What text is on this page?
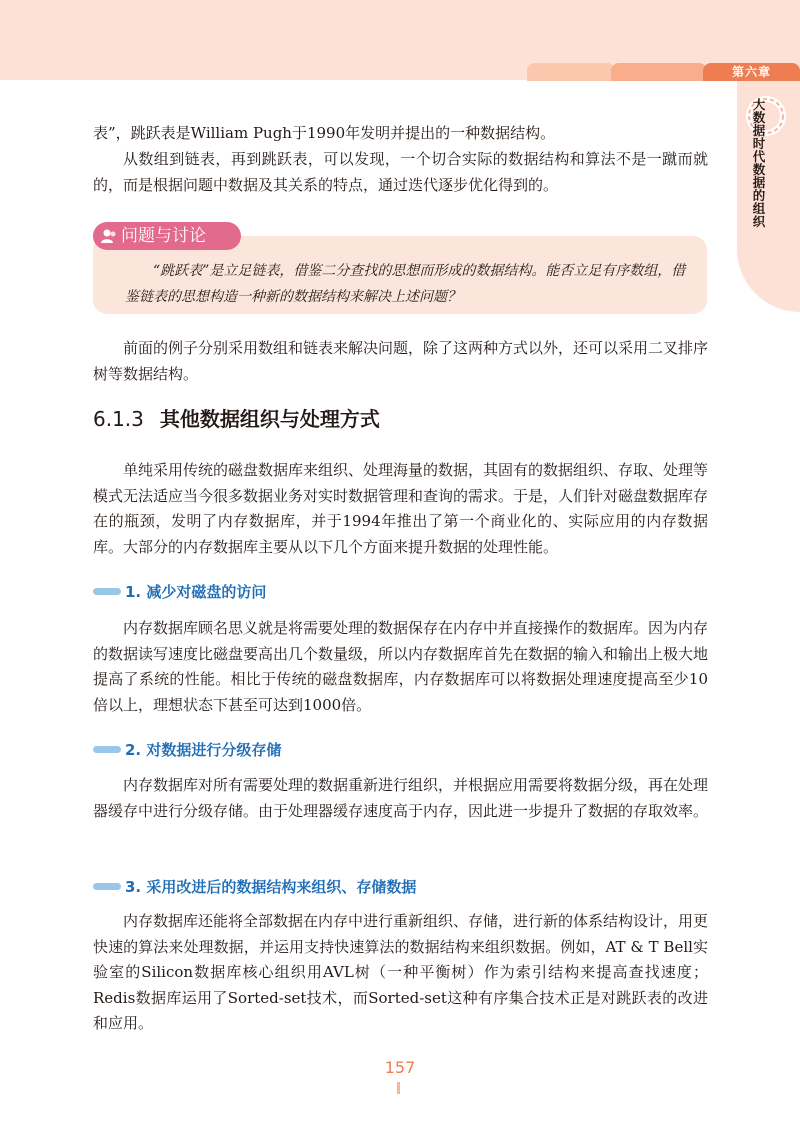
第六章
大数据时代数据的组织

表”，跳跃表是William Pugh于1990年发明并提出的一种数据结构。

从数组到链表，再到跳跃表，可以发现，一个切合实际的数据结构和算法不是一蹴而就的，而是根据问题中数据及其关系的特点，通过迭代逐步优化得到的。

问题与讨论

“跳跃表”是立足链表，借鉴二分查找的思想而形成的数据结构。能否立足有序数组，借鉴链表的思想构造一种新的数据结构来解决上述问题？

前面的例子分别采用数组和链表来解决问题，除了这两种方式以外，还可以采用二叉排序树等数据结构。

6.1.3 其他数据组织与处理方式

单纯采用传统的磁盘数据库来组织、处理海量的数据，其固有的数据组织、存取、处理等模式无法适应当今很多数据业务对实时数据管理和查询的需求。于是，人们针对磁盘数据库存在的瓶颈，发明了内存数据库，并于1994年推出了第一个商业化的、实际应用的内存数据库。大部分的内存数据库主要从以下几个方面来提升数据的处理性能。

1. 减少对磁盘的访问

内存数据库顾名思义就是将需要处理的数据保存在内存中并直接操作的数据库。因为内存的数据读写速度比磁盘要高出几个数量级，所以内存数据库首先在数据的输入和输出上极大地提高了系统的性能。相比于传统的磁盘数据库，内存数据库可以将数据处理速度提高至少10倍以上，理想状态下甚至可达到1000倍。

2. 对数据进行分级存储

内存数据库对所有需要处理的数据重新进行组织，并根据应用需要将数据分级，再在处理器缓存中进行分级存储。由于处理器缓存速度高于内存，因此进一步提升了数据的存取效率。

3. 采用改进后的数据结构来组织、存储数据

内存数据库还能将全部数据在内存中进行重新组织、存储，进行新的体系结构设计，用更快速的算法来处理数据，并运用支持快速算法的数据结构来组织数据。例如，AT & T Bell实验室的Silicon数据库核心组织用AVL树（一种平衡树）作为索引结构来提高查找速度；Redis数据库运用了Sorted-set技术，而Sorted-set这种有序集合技术正是对跳跃表的改进和应用。

157
